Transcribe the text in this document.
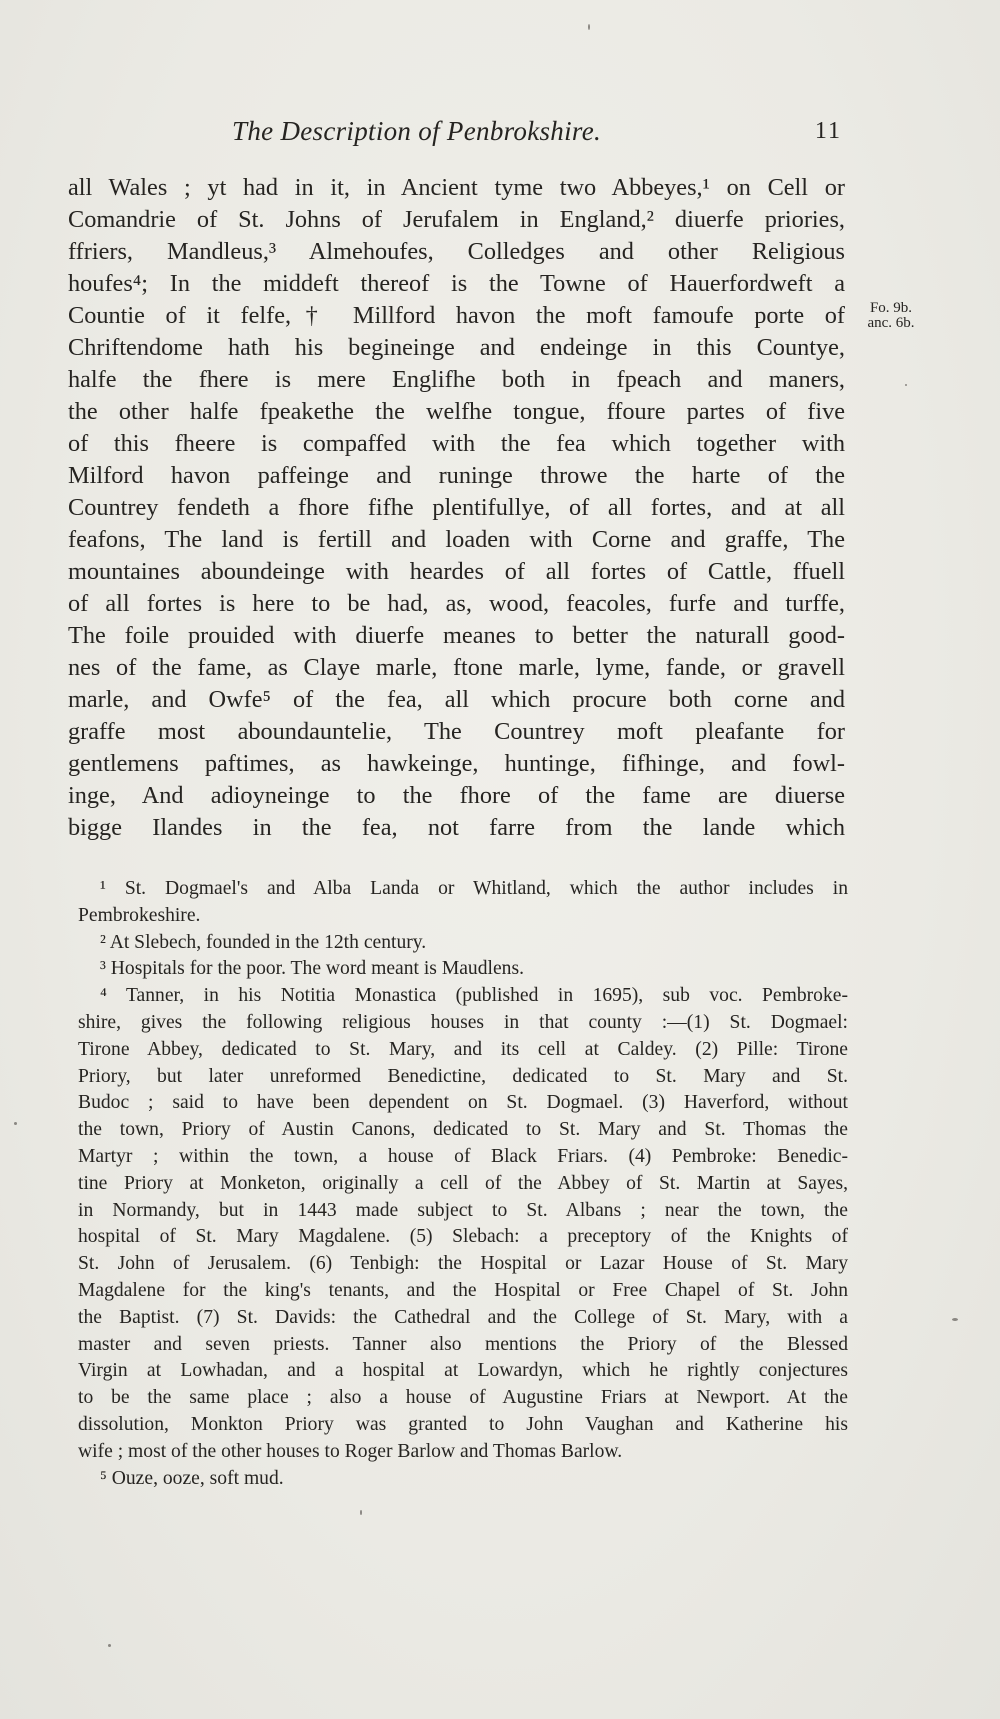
The Description of Penbrokshire.	11
all Wales ; yt had in it, in Ancient tyme two Abbeyes,¹ on Cell or
Comandrie of St. Johns of Jerufalem in England,² diuerfe priories,
ffriers, Mandleus,³ Almehoufes, Colledges and other Religious
houfes⁴; In the middeft thereof is the Towne of Hauerfordweft a
Countie of it felfe,† Millford havon the moft famoufe porte of
Chriftendome hath his begineinge and endeinge in this Countye,
halfe the fhere is mere Englifhe both in fpeach and maners,
the other halfe fpeakethe the welfhe tongue, ffoure partes of five
of this fheere is compaffed with the fea which together with
Milford havon paffeinge and runinge throwe the harte of the
Countrey fendeth a fhore fifhe plentifullye, of all fortes, and at all
feafons, The land is fertill and loaden with Corne and graffe, The
mountaines aboundeinge with heardes of all fortes of Cattle, ffuell
of all fortes is here to be had, as, wood, feacoles, furfe and turffe,
The foile prouided with diuerfe meanes to better the naturall good-
nes of the fame, as Claye marle, ftone marle, lyme, fande, or gravell
marle, and Owfe⁵ of the fea, all which procure both corne and
graffe most aboundauntelie, The Countrey moft pleafante for
gentlemens paftimes, as hawkeinge, huntinge, fifhinge, and fowl-
inge, And adioyneinge to the fhore of the fame are diuerse
bigge Ilandes in the fea, not farre from the lande which
Fo. 9b.
anc. 6b.
¹ St. Dogmael's and Alba Landa or Whitland, which the author includes in
Pembrokeshire.
² At Slebech, founded in the 12th century.
³ Hospitals for the poor. The word meant is Maudlens.
⁴ Tanner, in his Notitia Monastica (published in 1695), sub voc. Pembroke-
shire, gives the following religious houses in that county :—(1) St. Dogmael:
Tirone Abbey, dedicated to St. Mary, and its cell at Caldey. (2) Pille: Tirone
Priory, but later unreformed Benedictine, dedicated to St. Mary and St.
Budoc ; said to have been dependent on St. Dogmael. (3) Haverford, without
the town, Priory of Austin Canons, dedicated to St. Mary and St. Thomas the
Martyr ; within the town, a house of Black Friars. (4) Pembroke: Benedic-
tine Priory at Monketon, originally a cell of the Abbey of St. Martin at Sayes,
in Normandy, but in 1443 made subject to St. Albans ; near the town, the
hospital of St. Mary Magdalene. (5) Slebach: a preceptory of the Knights of
St. John of Jerusalem. (6) Tenbigh: the Hospital or Lazar House of St. Mary
Magdalene for the king's tenants, and the Hospital or Free Chapel of St. John
the Baptist. (7) St. Davids: the Cathedral and the College of St. Mary, with a
master and seven priests. Tanner also mentions the Priory of the Blessed
Virgin at Lowhadan, and a hospital at Lowardyn, which he rightly conjectures
to be the same place ; also a house of Augustine Friars at Newport. At the
dissolution, Monkton Priory was granted to John Vaughan and Katherine his
wife ; most of the other houses to Roger Barlow and Thomas Barlow.
⁵ Ouze, ooze, soft mud.
